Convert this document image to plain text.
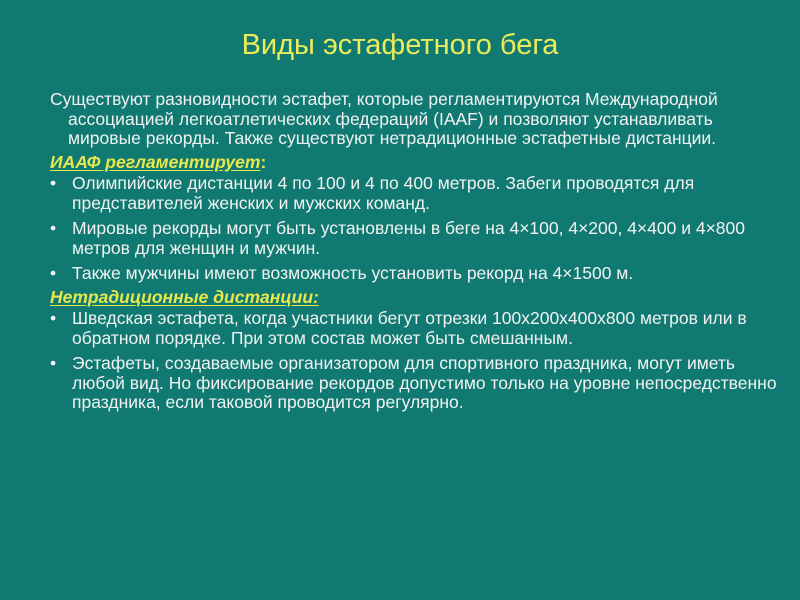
Виды эстафетного бега

Существуют разновидности эстафет, которые регламентируются Международной ассоциацией легкоатлетических федераций (IAAF) и позволяют устанавливать мировые рекорды. Также существуют нетрадиционные эстафетные дистанции.

ИААФ регламентирует:
• Олимпийские дистанции 4 по 100 и 4 по 400 метров. Забеги проводятся для представителей женских и мужских команд.
• Мировые рекорды могут быть установлены в беге на 4×100, 4×200, 4×400 и 4×800 метров для женщин и мужчин.
• Также мужчины имеют возможность установить рекорд на 4×1500 м.
Нетрадиционные дистанции:
• Шведская эстафета, когда участники бегут отрезки 100х200х400х800 метров или в обратном порядке. При этом состав может быть смешанным.
• Эстафеты, создаваемые организатором для спортивного праздника, могут иметь любой вид. Но фиксирование рекордов допустимо только на уровне непосредственно праздника, если таковой проводится регулярно.
